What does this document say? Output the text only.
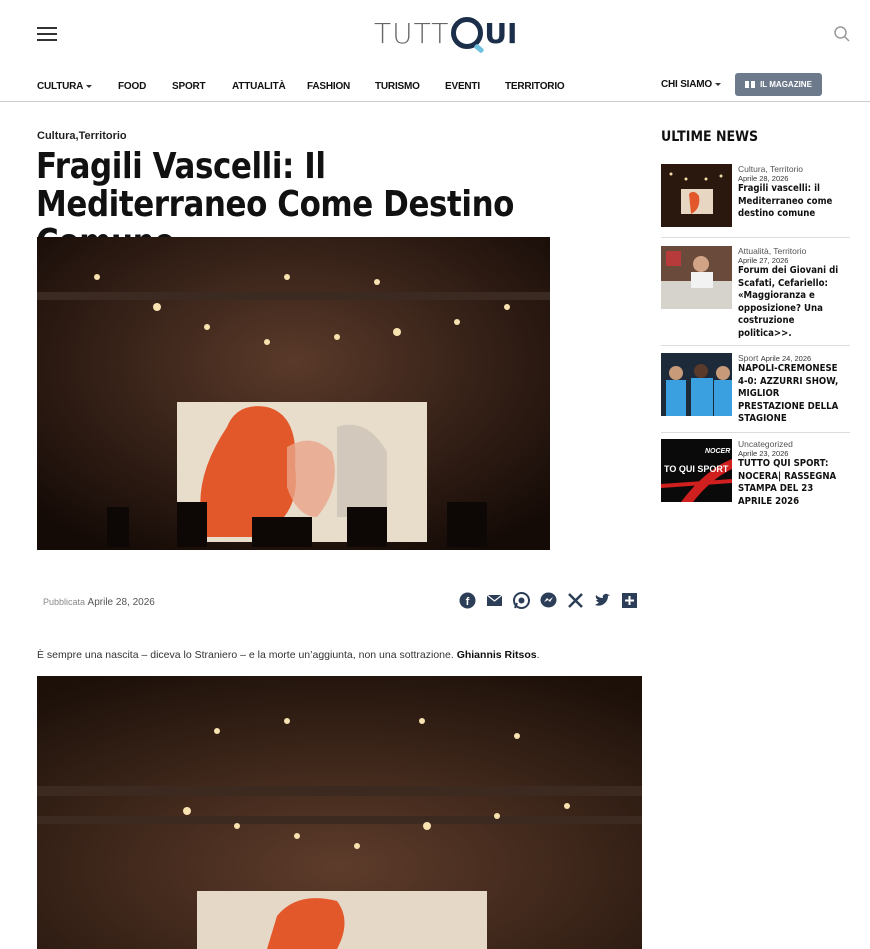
TUTT UI
CULTURA	FOOD	SPORT	ATTUALITÀ FASHION TURISMO	EVENTI	TERRITORIO	CHI SIAMO	IL MAGAZINE
Cultura,Territorio
Fragili Vascelli: Il Mediterraneo Come Destino
Pubblicata Aprile 28, 2026	f

È sempre una nascita – diceva lo Straniero – e la morte un’aggiunta, non una sottrazione. Ghiannis Ritsos.

ULTIME NEWS
Cultura, Territorio
Aprile 28, 2026
Fragili vascelli: il Mediterraneo come destino comune
Attualità, Territorio
Aprile 27, 2026
Forum dei Giovani di Scafati, Cefariello: «Maggioranza e opposizione? Una costruzione politica>>.
Sport Aprile 24, 2026
NAPOLI-CREMONESE 4-0: AZZURRI SHOW, MIGLIOR PRESTAZIONE DELLA STAGIONE
NOCER
TO QUI SPORT
Uncategorized
Aprile 23, 2026
TUTTO QUI SPORT: NOCERA| RASSEGNA STAMPA DEL 23 APRILE 2026
